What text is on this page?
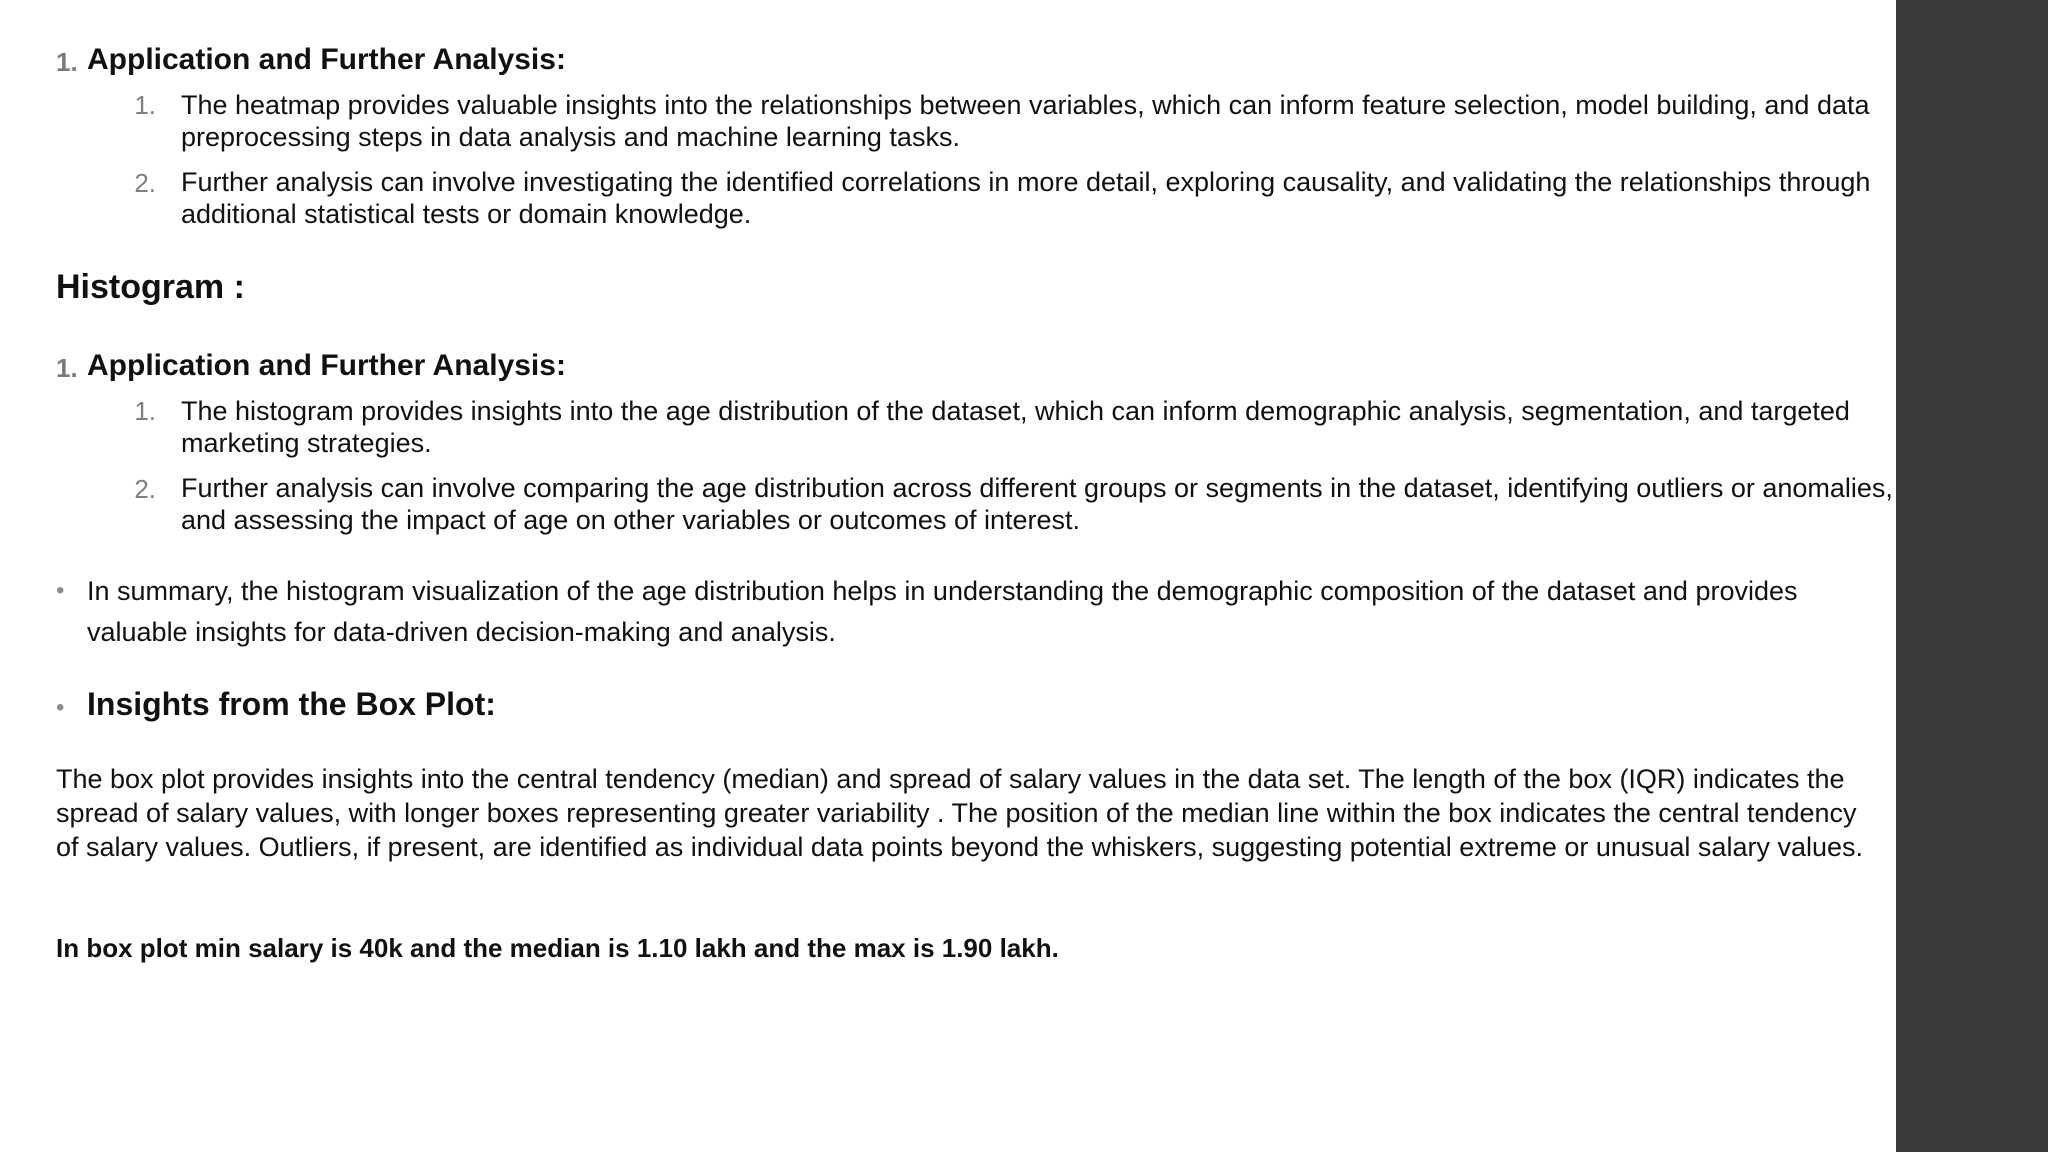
1. Application and Further Analysis:
1. The heatmap provides valuable insights into the relationships between variables, which can inform feature selection, model building, and data preprocessing steps in data analysis and machine learning tasks.

2. Further analysis can involve investigating the identified correlations in more detail, exploring causality, and validating the relationships through additional statistical tests or domain knowledge.

Histogram :
1. Application and Further Analysis:
1. The histogram provides insights into the age distribution of the dataset, which can inform demographic analysis, segmentation, and targeted marketing strategies.

2. Further analysis can involve comparing the age distribution across different groups or segments in the dataset, identifying outliers or anomalies, and assessing the impact of age on other variables or outcomes of interest.

• In summary, the histogram visualization of the age distribution helps in understanding the demographic composition of the dataset and provides valuable insights for data-driven decision-making and analysis.

• Insights from the Box Plot:

The box plot provides insights into the central tendency (median) and spread of salary values in the data set. The length of the box (IQR) indicates the spread of salary values, with longer boxes representing greater variability . The position of the median line within the box indicates the central tendency of salary values. Outliers, if present, are identified as individual data points beyond the whiskers, suggesting potential extreme or unusual salary values.

In box plot min salary is 40k and the median is 1.10 lakh and the max is 1.90 lakh.
